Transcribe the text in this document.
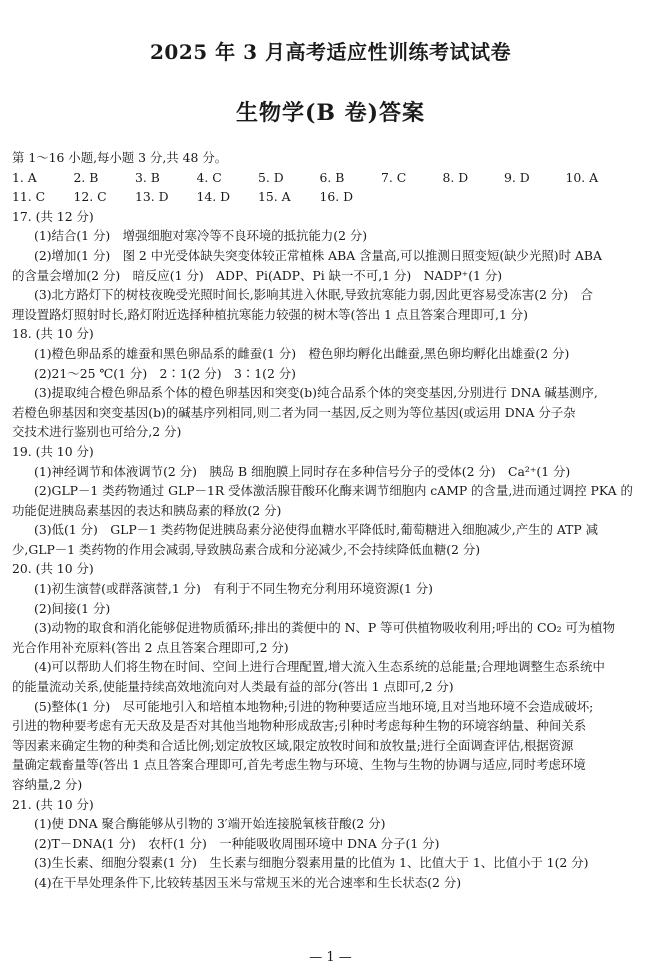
2025 年 3 月高考适应性训练考试试卷
生物学(B 卷)答案
第 1～16 小题,每小题 3 分,共 48 分。
1. A	2. B	3. B	4. C	5. D	6. B	7. C	8. D	9. D	10. A
11. C	12. C	13. D	14. D	15. A	16. D
17. (共 12 分)
(1)结合(1 分)　增强细胞对寒冷等不良环境的抵抗能力(2 分)
(2)增加(1 分)　图 2 中光受体缺失突变体较正常植株 ABA 含量高,可以推测日照变短(缺少光照)时 ABA
的含量会增加(2 分)　暗反应(1 分)　ADP、Pi(ADP、Pi 缺一不可,1 分)　NADP⁺(1 分)
(3)北方路灯下的树枝夜晚受光照时间长,影响其进入休眠,导致抗寒能力弱,因此更容易受冻害(2 分)　合
理设置路灯照射时长,路灯附近选择种植抗寒能力较强的树木等(答出 1 点且答案合理即可,1 分)
18. (共 10 分)
(1)橙色卵品系的雄蚕和黑色卵品系的雌蚕(1 分)　橙色卵均孵化出雌蚕,黑色卵均孵化出雄蚕(2 分)
(2)21～25 ℃(1 分)　2∶1(2 分)　3∶1(2 分)
(3)提取纯合橙色卵品系个体的橙色卵基因和突变(b)纯合品系个体的突变基因,分别进行 DNA 碱基测序,
若橙色卵基因和突变基因(b)的碱基序列相同,则二者为同一基因,反之则为等位基因(或运用 DNA 分子杂
交技术进行鉴别也可给分,2 分)
19. (共 10 分)
(1)神经调节和体液调节(2 分)　胰岛 B 细胞膜上同时存在多种信号分子的受体(2 分)　Ca²⁺(1 分)
(2)GLP－1 类药物通过 GLP－1R 受体激活腺苷酸环化酶来调节细胞内 cAMP 的含量,进而通过调控 PKA 的
功能促进胰岛素基因的表达和胰岛素的释放(2 分)
(3)低(1 分)　GLP－1 类药物促进胰岛素分泌使得血糖水平降低时,葡萄糖进入细胞减少,产生的 ATP 减
少,GLP－1 类药物的作用会减弱,导致胰岛素合成和分泌减少,不会持续降低血糖(2 分)
20. (共 10 分)
(1)初生演替(或群落演替,1 分)　有利于不同生物充分利用环境资源(1 分)
(2)间接(1 分)
(3)动物的取食和消化能够促进物质循环;排出的粪便中的 N、P 等可供植物吸收利用;呼出的 CO₂ 可为植物
光合作用补充原料(答出 2 点且答案合理即可,2 分)
(4)可以帮助人们将生物在时间、空间上进行合理配置,增大流入生态系统的总能量;合理地调整生态系统中
的能量流动关系,使能量持续高效地流向对人类最有益的部分(答出 1 点即可,2 分)
(5)整体(1 分)　尽可能地引入和培植本地物种;引进的物种要适应当地环境,且对当地环境不会造成破坏;
引进的物种要考虑有无天敌及是否对其他当地物种形成敌害;引种时考虑每种生物的环境容纳量、种间关系
等因素来确定生物的种类和合适比例;划定放牧区域,限定放牧时间和放牧量;进行全面调查评估,根据资源
量确定载畜量等(答出 1 点且答案合理即可,首先考虑生物与环境、生物与生物的协调与适应,同时考虑环境
容纳量,2 分)
21. (共 10 分)
(1)使 DNA 聚合酶能够从引物的 3′端开始连接脱氧核苷酸(2 分)
(2)T－DNA(1 分)　农杆(1 分)　一种能吸收周围环境中 DNA 分子(1 分)
(3)生长素、细胞分裂素(1 分)　生长素与细胞分裂素用量的比值为 1、比值大于 1、比值小于 1(2 分)
(4)在干旱处理条件下,比较转基因玉米与常规玉米的光合速率和生长状态(2 分)
— 1 —
